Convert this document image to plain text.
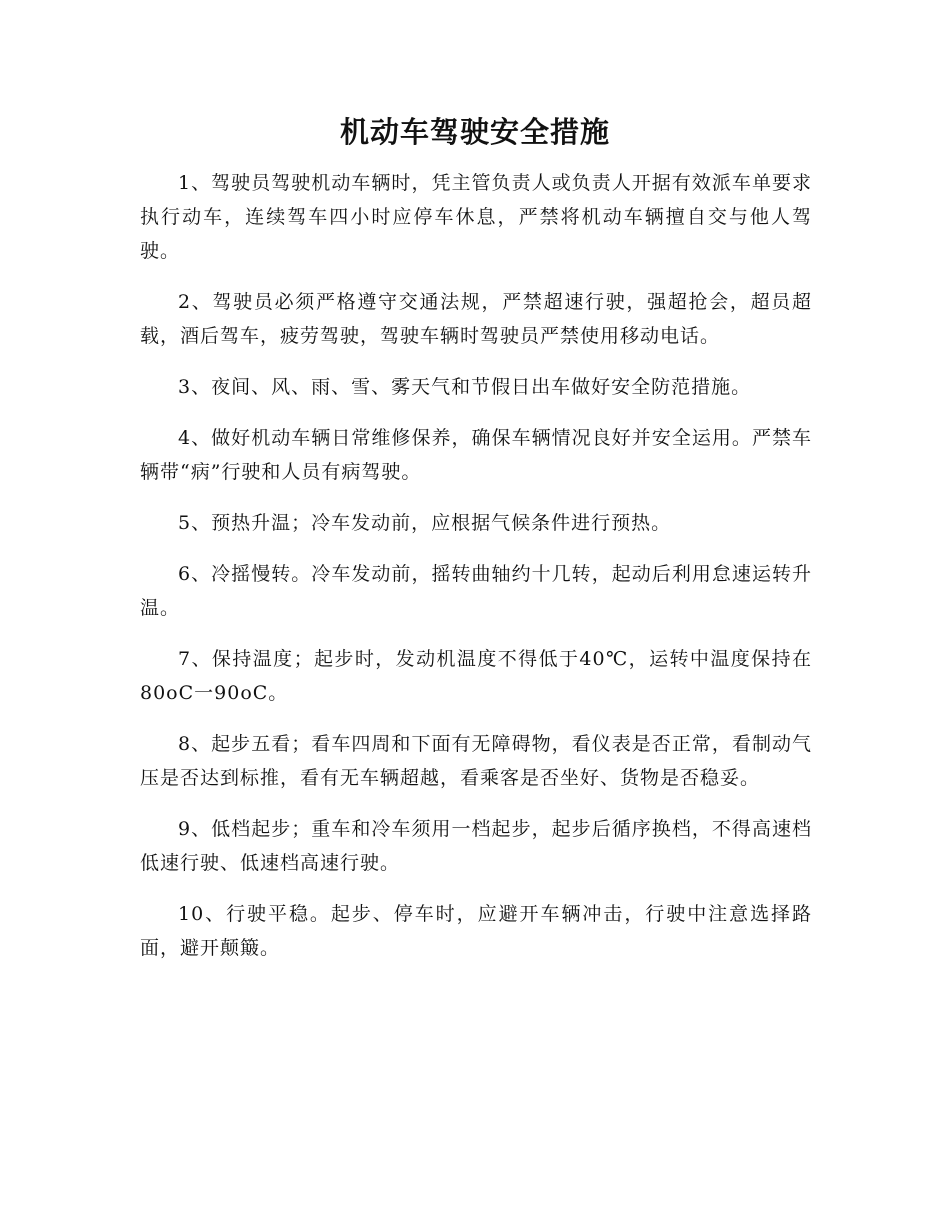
机动车驾驶安全措施

1、驾驶员驾驶机动车辆时，凭主管负责人或负责人开据有效派车单要求执行动车，连续驾车四小时应停车休息，严禁将机动车辆擅自交与他人驾驶。

2、驾驶员必须严格遵守交通法规，严禁超速行驶，强超抢会，超员超载，酒后驾车，疲劳驾驶，驾驶车辆时驾驶员严禁使用移动电话。

3、夜间、风、雨、雪、雾天气和节假日出车做好安全防范措施。

4、做好机动车辆日常维修保养，确保车辆情况良好并安全运用。严禁车辆带“病”行驶和人员有病驾驶。

5、预热升温；冷车发动前，应根据气候条件进行预热。

6、冷摇慢转。冷车发动前，摇转曲轴约十几转，起动后利用怠速运转升温。

7、保持温度；起步时，发动机温度不得低于40℃，运转中温度保持在80oC一90oC。

8、起步五看；看车四周和下面有无障碍物，看仪表是否正常，看制动气压是否达到标推，看有无车辆超越，看乘客是否坐好、货物是否稳妥。

9、低档起步；重车和冷车须用一档起步，起步后循序换档，不得高速档低速行驶、低速档高速行驶。

10、行驶平稳。起步、停车时，应避开车辆冲击，行驶中注意选择路面，避开颠簸。
